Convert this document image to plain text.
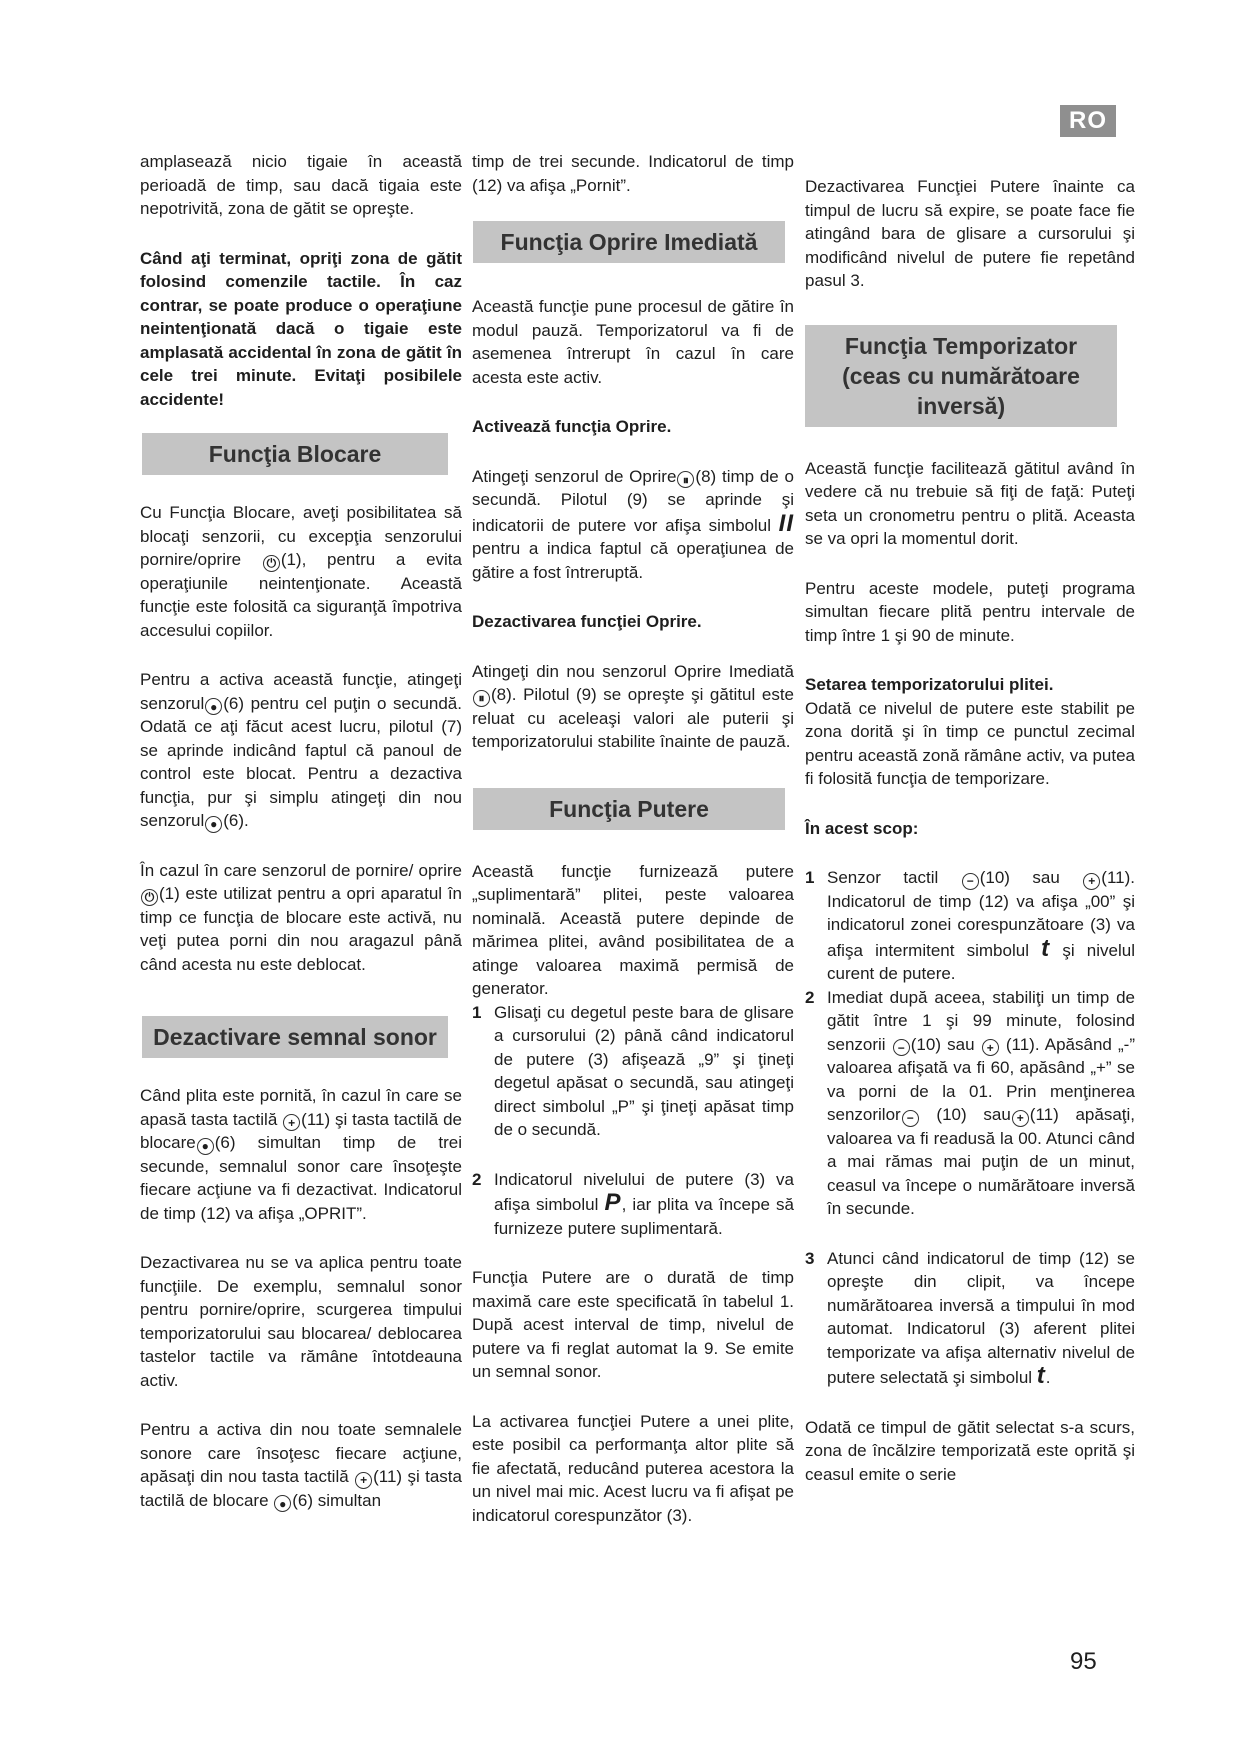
RO

amplasează nicio tigaie în această perioadă de timp, sau dacă tigaia este nepotrivită, zona de gătit se opreşte.

Când aţi terminat, opriţi zona de gătit folosind comenzile tactile. În caz contrar, se poate produce o operaţiune neintenţionată dacă o tigaie este amplasată accidental în zona de gătit în cele trei minute. Evitaţi posibilele accidente!

Funcţia Blocare

Cu Funcţia Blocare, aveţi posibilitatea să blocaţi senzorii, cu excepţia senzorului pornire/oprire ⏻ (1), pentru a evita operaţiunile neintenţionate. Această funcţie este folosită ca siguranţă împotriva accesului copiilor.

Pentru a activa această funcţie, atingeţi senzorul ● (6) pentru cel puţin o secundă. Odată ce aţi făcut acest lucru, pilotul (7) se aprinde indicând faptul că panoul de control este blocat. Pentru a dezactiva funcţia, pur şi simplu atingeţi din nou senzorul ● (6).

În cazul în care senzorul de pornire/ oprire ⏻ (1) este utilizat pentru a opri aparatul în timp ce funcţia de blocare este activă, nu veţi putea porni din nou aragazul până când acesta nu este deblocat.

Dezactivare semnal sonor

Când plita este pornită, în cazul în care se apasă tasta tactilă + (11) şi tasta tactilă de blocare ● (6) simultan timp de trei secunde, semnalul sonor care însoţeşte fiecare acţiune va fi dezactivat. Indicatorul de timp (12) va afişa „OPRIT”.

Dezactivarea nu se va aplica pentru toate funcţiile. De exemplu, semnalul sonor pentru pornire/oprire, scurgerea timpului temporizatorului sau blocarea/ deblocarea tastelor tactile va rămâne întotdeauna activ.

Pentru a activa din nou toate semnalele sonore care însoţesc fiecare acţiune, apăsaţi din nou tasta tactilă + (11) şi tasta tactilă de blocare ● (6) simultan

timp de trei secunde. Indicatorul de timp (12) va afişa „Pornit”.

Funcţia Oprire Imediată

Această funcţie pune procesul de gătire în modul pauză. Temporizatorul va fi de asemenea întrerupt în cazul în care acesta este activ.

Activează funcţia Oprire.

Atingeţi senzorul de Oprire ⏸ (8) timp de o secundă. Pilotul (9) se aprinde şi indicatorii de putere vor afişa simbolul II pentru a indica faptul că operaţiunea de gătire a fost întreruptă.

Dezactivarea funcţiei Oprire.

Atingeţi din nou senzorul Oprire Imediată ⏸ (8). Pilotul (9) se opreşte şi gătitul este reluat cu aceleaşi valori ale puterii şi temporizatorului stabilite înainte de pauză.

Funcţia Putere

Această funcţie furnizează putere „suplimentară” plitei, peste valoarea nominală. Această putere depinde de mărimea plitei, având posibilitatea de a atinge valoarea maximă permisă de generator.

1 Glisaţi cu degetul peste bara de glisare a cursorului (2) până când indicatorul de putere (3) afişează „9” şi ţineţi degetul apăsat o secundă, sau atingeţi direct simbolul „P” şi ţineţi apăsat timp de o secundă.

2 Indicatorul nivelului de putere (3) va afişa simbolul P, iar plita va începe să furnizeze putere suplimentară.

Funcţia Putere are o durată de timp maximă care este specificată în tabelul 1. După acest interval de timp, nivelul de putere va fi reglat automat la 9. Se emite un semnal sonor.

La activarea funcţiei Putere a unei plite, este posibil ca performanţa altor plite să fie afectată, reducând puterea acestora la un nivel mai mic. Acest lucru va fi afişat pe indicatorul corespunzător (3).

Dezactivarea Funcţiei Putere înainte ca timpul de lucru să expire, se poate face fie atingând bara de glisare a cursorului şi modificând nivelul de putere fie repetând pasul 3.

Funcţia Temporizator (ceas cu numărătoare inversă)

Această funcţie facilitează gătitul având în vedere că nu trebuie să fiţi de faţă: Puteţi seta un cronometru pentru o plită. Aceasta se va opri la momentul dorit.

Pentru aceste modele, puteţi programa simultan fiecare plită pentru intervale de timp între 1 şi 90 de minute.

Setarea temporizatorului plitei.

Odată ce nivelul de putere este stabilit pe zona dorită şi în timp ce punctul zecimal pentru această zonă rămâne activ, va putea fi folosită funcţia de temporizare.

În acest scop:

1 Senzor tactil − (10) sau + (11). Indicatorul de timp (12) va afişa „00” şi indicatorul zonei corespunzătoare (3) va afişa intermitent simbolul t şi nivelul curent de putere.

2 Imediat după aceea, stabiliţi un timp de gătit între 1 şi 99 minute, folosind senzorii − (10) sau + (11). Apăsând „-” valoarea afişată va fi 60, apăsând „+” se va porni de la 01. Prin menţinerea senzorilor − (10) sau + (11) apăsaţi, valoarea va fi readusă la 00. Atunci când a mai rămas mai puţin de un minut, ceasul va începe o numărătoare inversă în secunde.

3 Atunci când indicatorul de timp (12) se opreşte din clipit, va începe numărătoarea inversă a timpului în mod automat. Indicatorul (3) aferent plitei temporizate va afişa alternativ nivelul de putere selectată şi simbolul t.

Odată ce timpul de gătit selectat s-a scurs, zona de încălzire temporizată este oprită şi ceasul emite o serie

95
